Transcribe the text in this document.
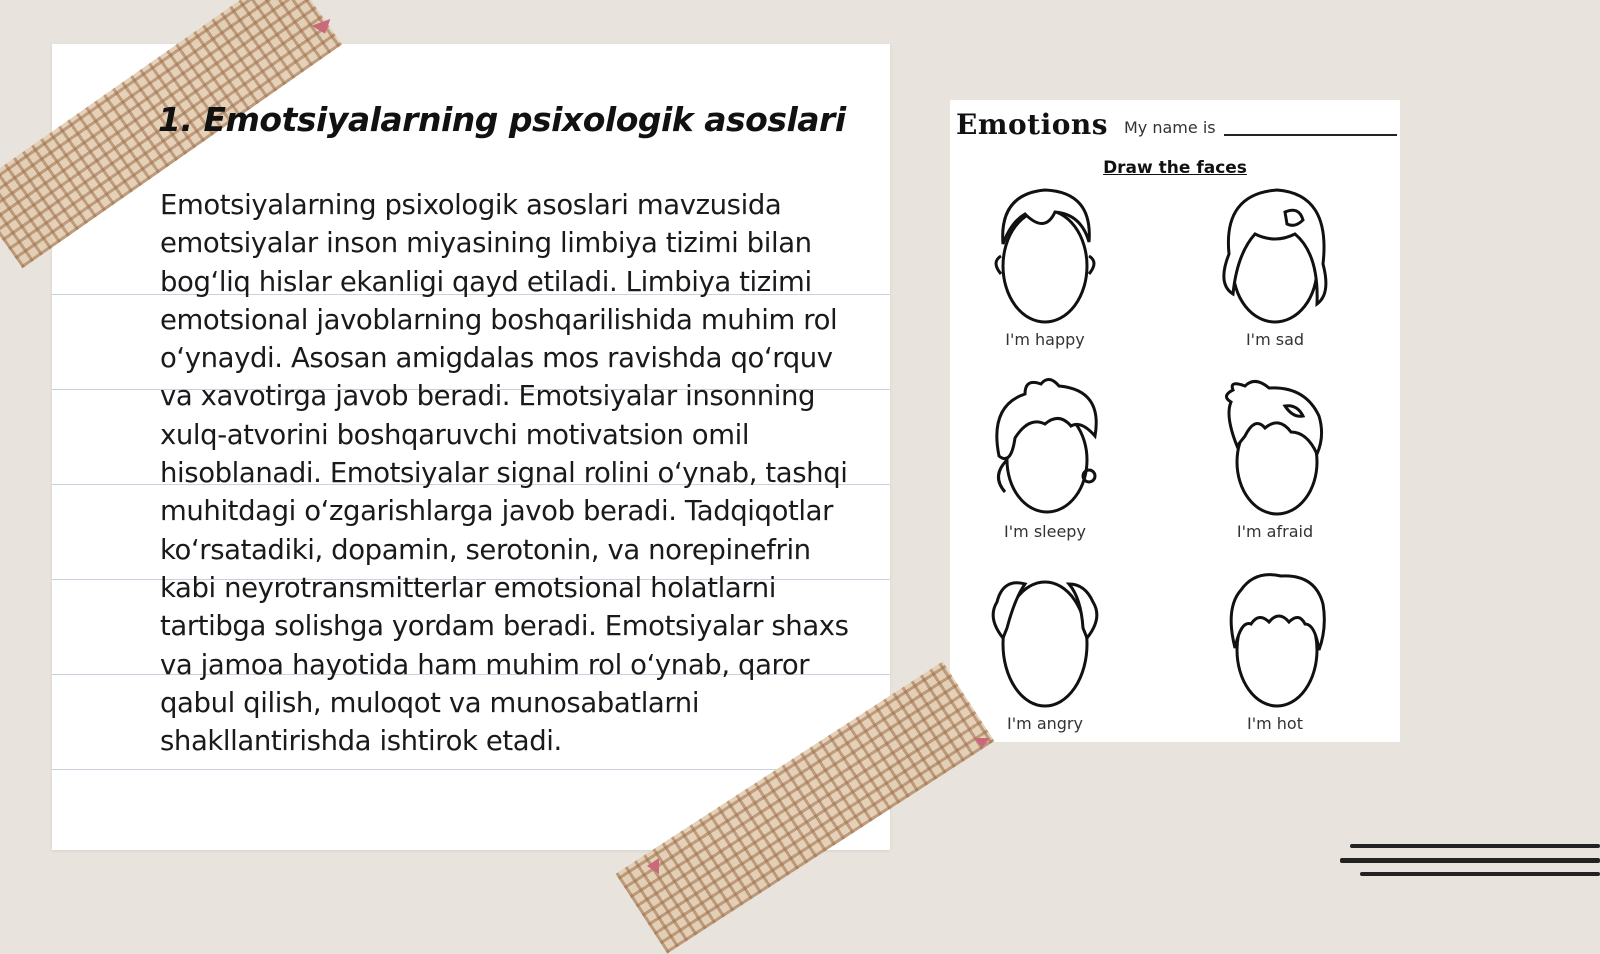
1. Emotsiyalarning psixologik asoslari

Emotsiyalarning psixologik asoslari mavzusida emotsiyalar inson miyasining limbiya tizimi bilan bog‘liq hislar ekanligi qayd etiladi. Limbiya tizimi emotsional javoblarning boshqarilishida muhim rol o‘ynaydi. Asosan amigdalas mos ravishda qo‘rquv va xavotirga javob beradi. Emotsiyalar insonning xulq-atvorini boshqaruvchi motivatsion omil hisoblanadi. Emotsiyalar signal rolini o‘ynab, tashqi muhitdagi o‘zgarishlarga javob beradi. Tadqiqotlar ko‘rsatadiki, dopamin, serotonin, va norepinefrin kabi neyrotransmitterlar emotsional holatlarni tartibga solishga yordam beradi. Emotsiyalar shaxs va jamoa hayotida ham muhim rol o‘ynab, qaror qabul qilish, muloqot va munosabatlarni shakllantirishda ishtirok etadi.

Emotions My name is
Draw the faces
I'm happy	I'm sad
I'm sleepy	I'm afraid
I'm angry	I'm hot
